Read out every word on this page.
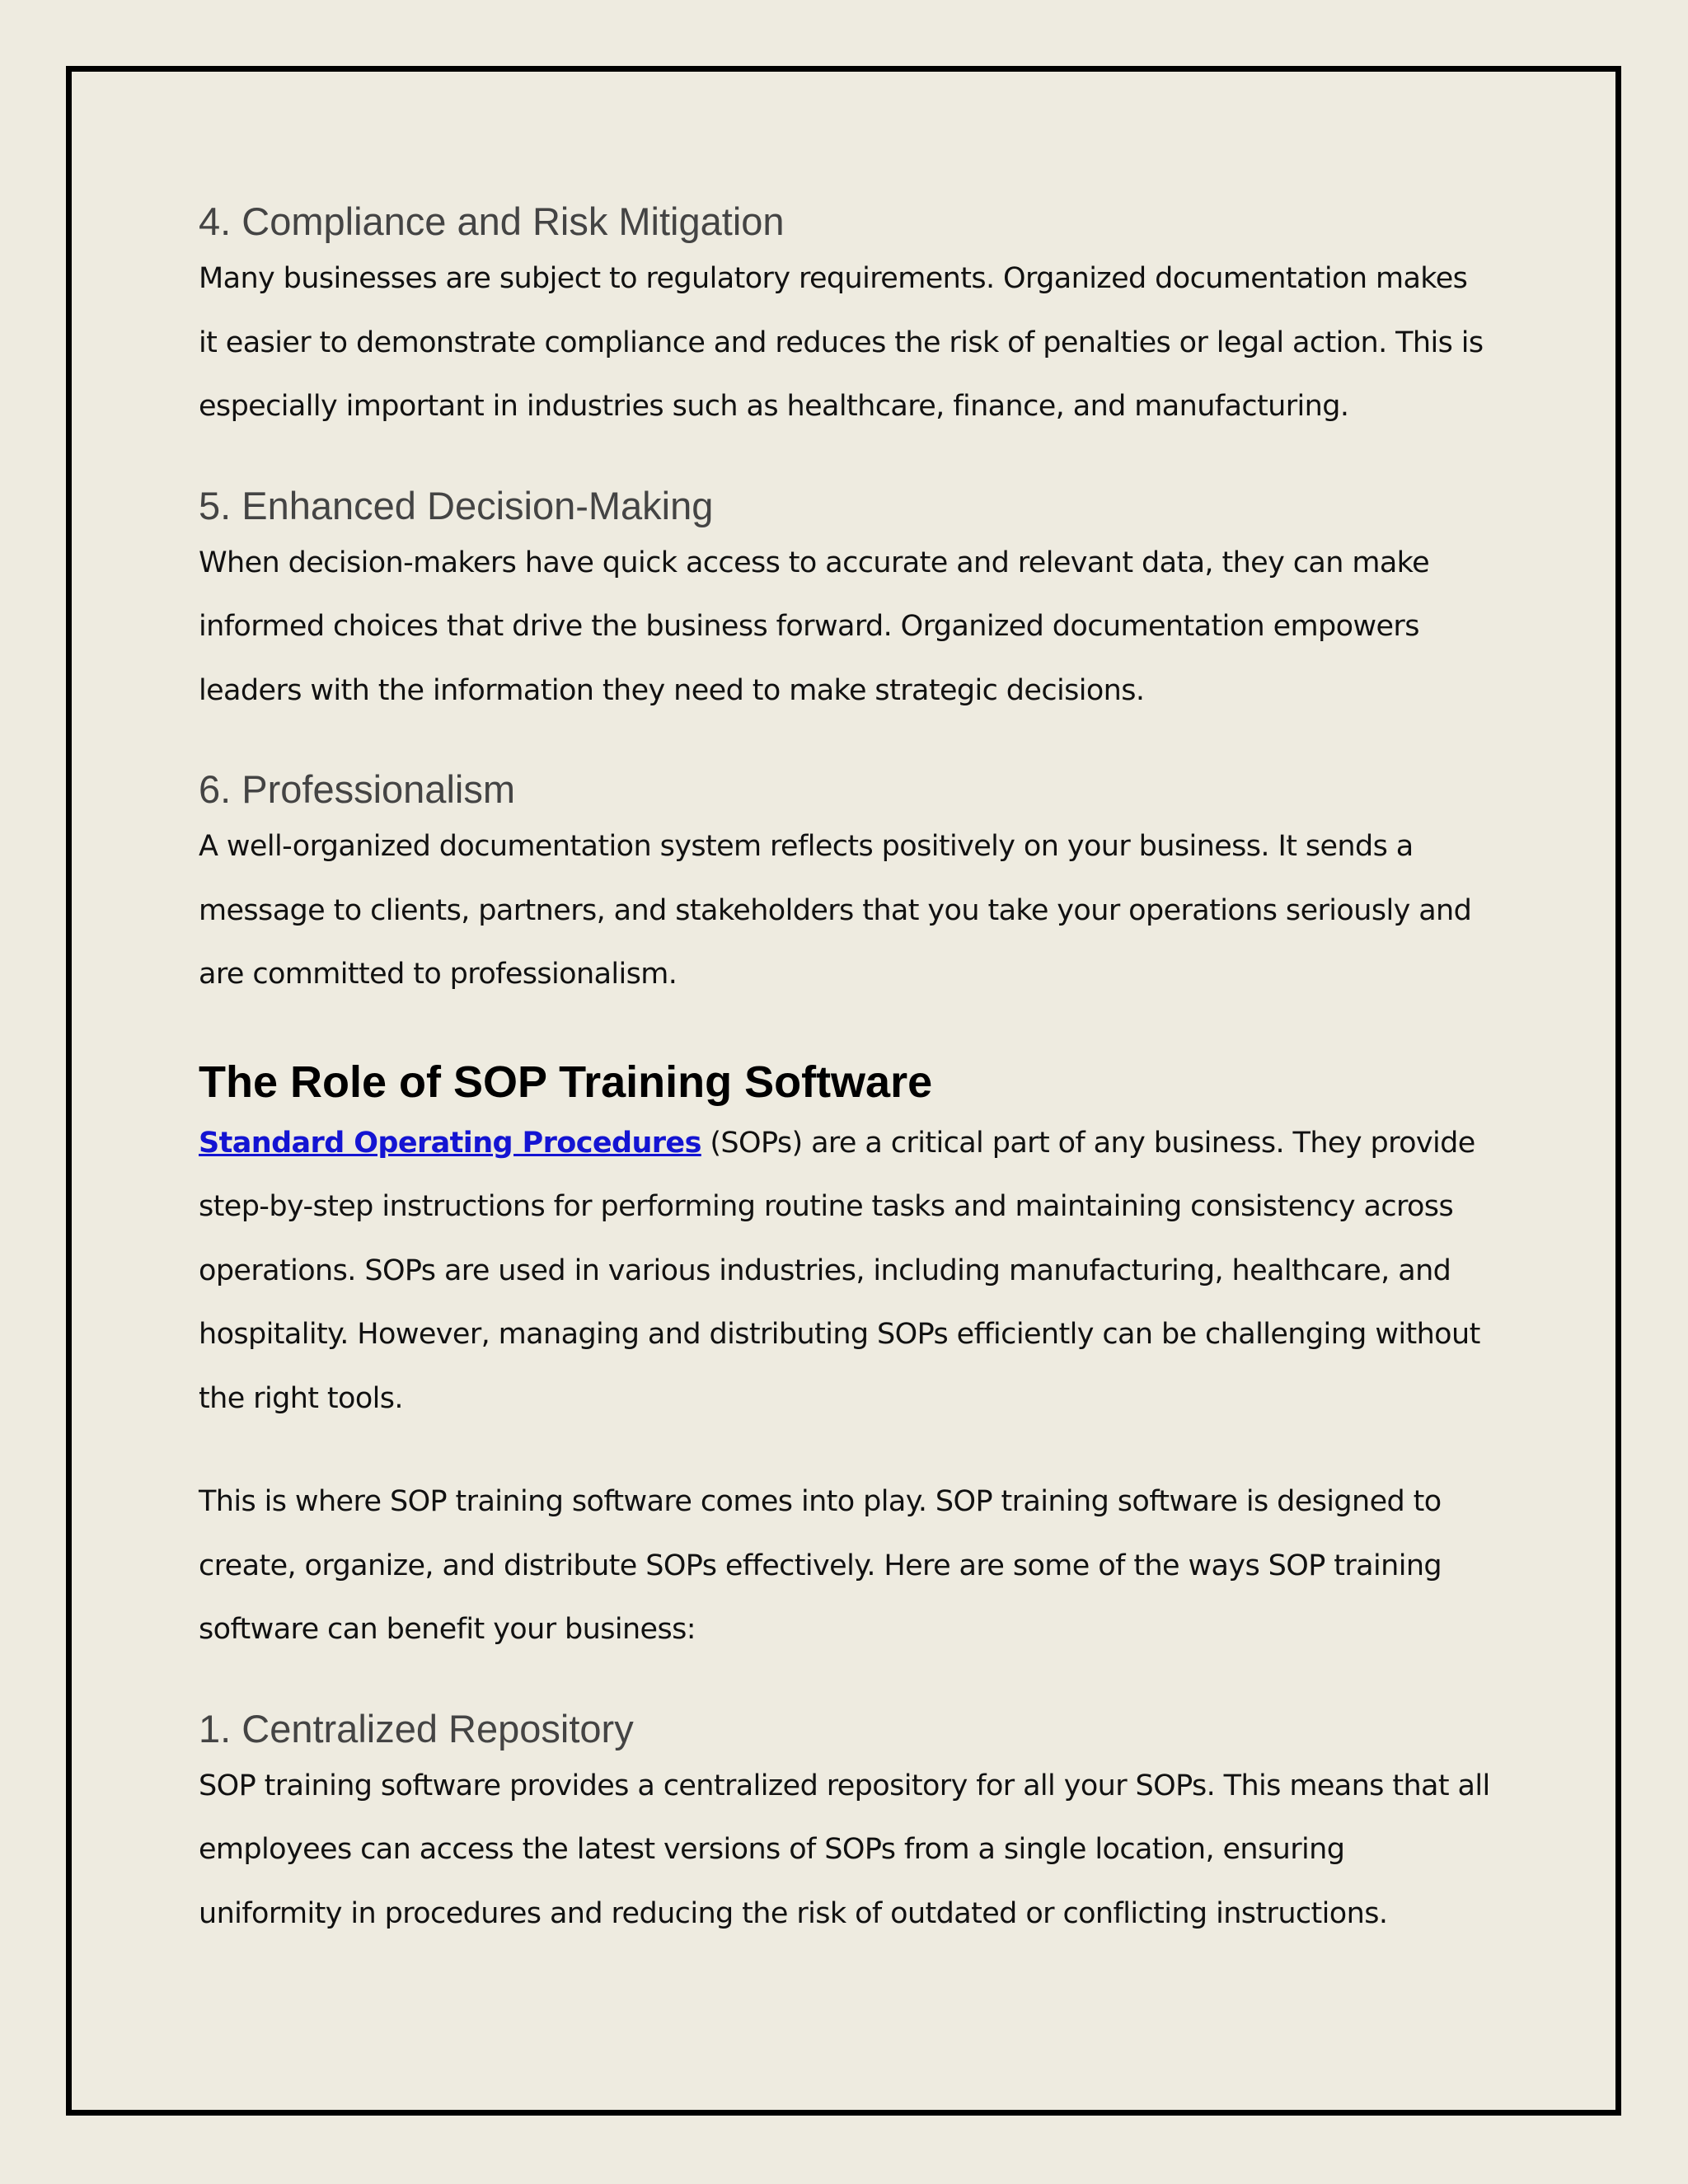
4. Compliance and Risk Mitigation

Many businesses are subject to regulatory requirements. Organized documentation makes it easier to demonstrate compliance and reduces the risk of penalties or legal action. This is especially important in industries such as healthcare, finance, and manufacturing.

5. Enhanced Decision-Making

When decision-makers have quick access to accurate and relevant data, they can make informed choices that drive the business forward. Organized documentation empowers leaders with the information they need to make strategic decisions.

6. Professionalism

A well-organized documentation system reflects positively on your business. It sends a message to clients, partners, and stakeholders that you take your operations seriously and are committed to professionalism.

The Role of SOP Training Software

Standard Operating Procedures (SOPs) are a critical part of any business. They provide step-by-step instructions for performing routine tasks and maintaining consistency across operations. SOPs are used in various industries, including manufacturing, healthcare, and hospitality. However, managing and distributing SOPs efficiently can be challenging without the right tools.

This is where SOP training software comes into play. SOP training software is designed to create, organize, and distribute SOPs effectively. Here are some of the ways SOP training software can benefit your business:

1. Centralized Repository

SOP training software provides a centralized repository for all your SOPs. This means that all employees can access the latest versions of SOPs from a single location, ensuring uniformity in procedures and reducing the risk of outdated or conflicting instructions.
